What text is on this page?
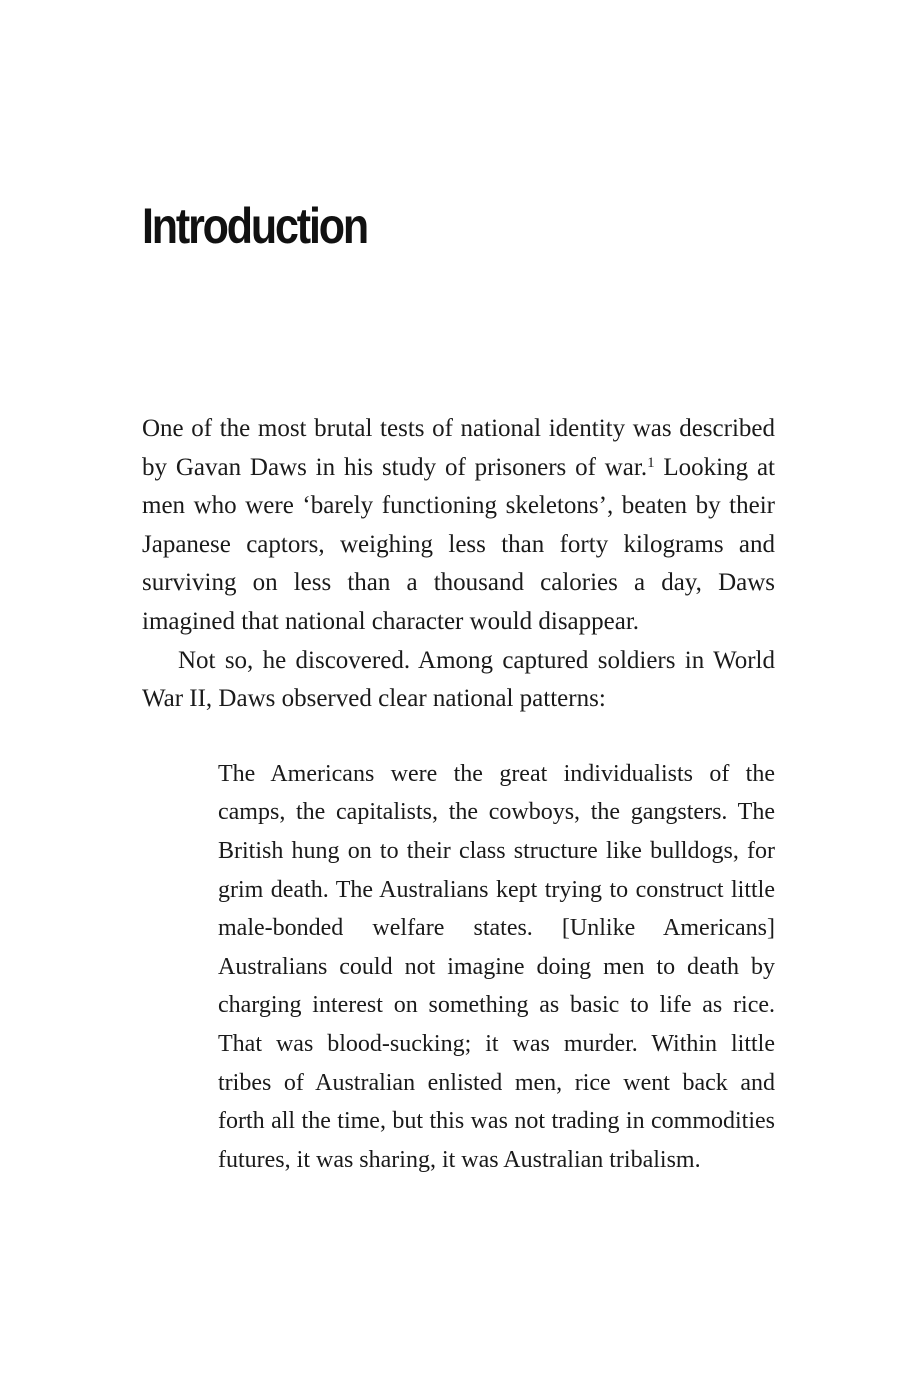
Introduction

One of the most brutal tests of national identity was described by Gavan Daws in his study of prisoners of war.$^1$ Looking at men who were ‘barely functioning skeletons’, beaten by their Japanese captors, weighing less than forty kilograms and surviving on less than a thousand calories a day, Daws imagined that national character would disappear.

Not so, he discovered. Among captured soldiers in World War II, Daws observed clear national patterns:

The Americans were the great individualists of the camps, the capitalists, the cowboys, the gangsters. The British hung on to their class structure like bulldogs, for grim death. The Australians kept trying to construct little male-bonded welfare states. [Unlike Americans] Australians could not imagine doing men to death by charging interest on something as basic to life as rice. That was blood-sucking; it was murder. Within little tribes of Australian enlisted men, rice went back and forth all the time, but this was not trading in commodities futures, it was sharing, it was Australian tribalism.
